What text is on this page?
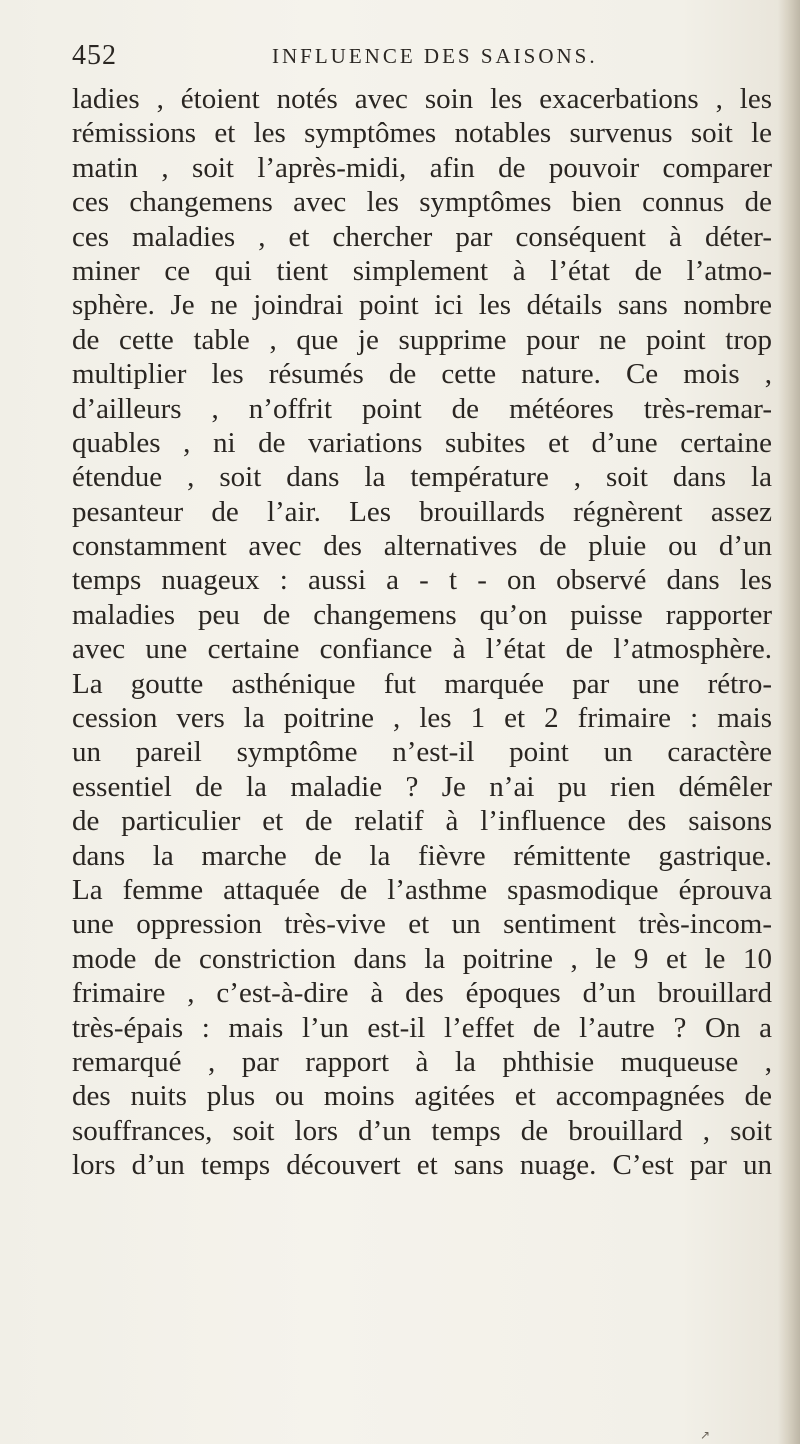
452	INFLUENCE DES SAISONS.
ladies , étoient notés avec soin les exacerbations , les
rémissions et les symptômes notables survenus soit le
matin , soit l’après-midi, afin de pouvoir comparer
ces changemens avec les symptômes bien connus de
ces maladies , et chercher par conséquent à déter-
miner ce qui tient simplement à l’état de l’atmo-
sphère. Je ne joindrai point ici les détails sans nombre
de cette table , que je supprime pour ne point trop
multiplier les résumés de cette nature. Ce mois ,
d’ailleurs , n’offrit point de météores très-remar-
quables , ni de variations subites et d’une certaine
étendue , soit dans la température , soit dans la
pesanteur de l’air. Les brouillards régnèrent assez
constamment avec des alternatives de pluie ou d’un
temps nuageux : aussi a - t - on observé dans les
maladies peu de changemens qu’on puisse rapporter
avec une certaine confiance à l’état de l’atmosphère.
La goutte asthénique fut marquée par une rétro-
cession vers la poitrine , les 1 et 2 frimaire : mais
un pareil symptôme n’est-il point un caractère
essentiel de la maladie ? Je n’ai pu rien démêler
de particulier et de relatif à l’influence des saisons
dans la marche de la fièvre rémittente gastrique.
La femme attaquée de l’asthme spasmodique éprouva
une oppression très-vive et un sentiment très-incom-
mode de constriction dans la poitrine , le 9 et le 10
frimaire , c’est-à-dire à des époques d’un brouillard
très-épais : mais l’un est-il l’effet de l’autre ? On a
remarqué , par rapport à la phthisie muqueuse ,
des nuits plus ou moins agitées et accompagnées de
souffrances, soit lors d’un temps de brouillard , soit
lors d’un temps découvert et sans nuage. C’est par un
↗
